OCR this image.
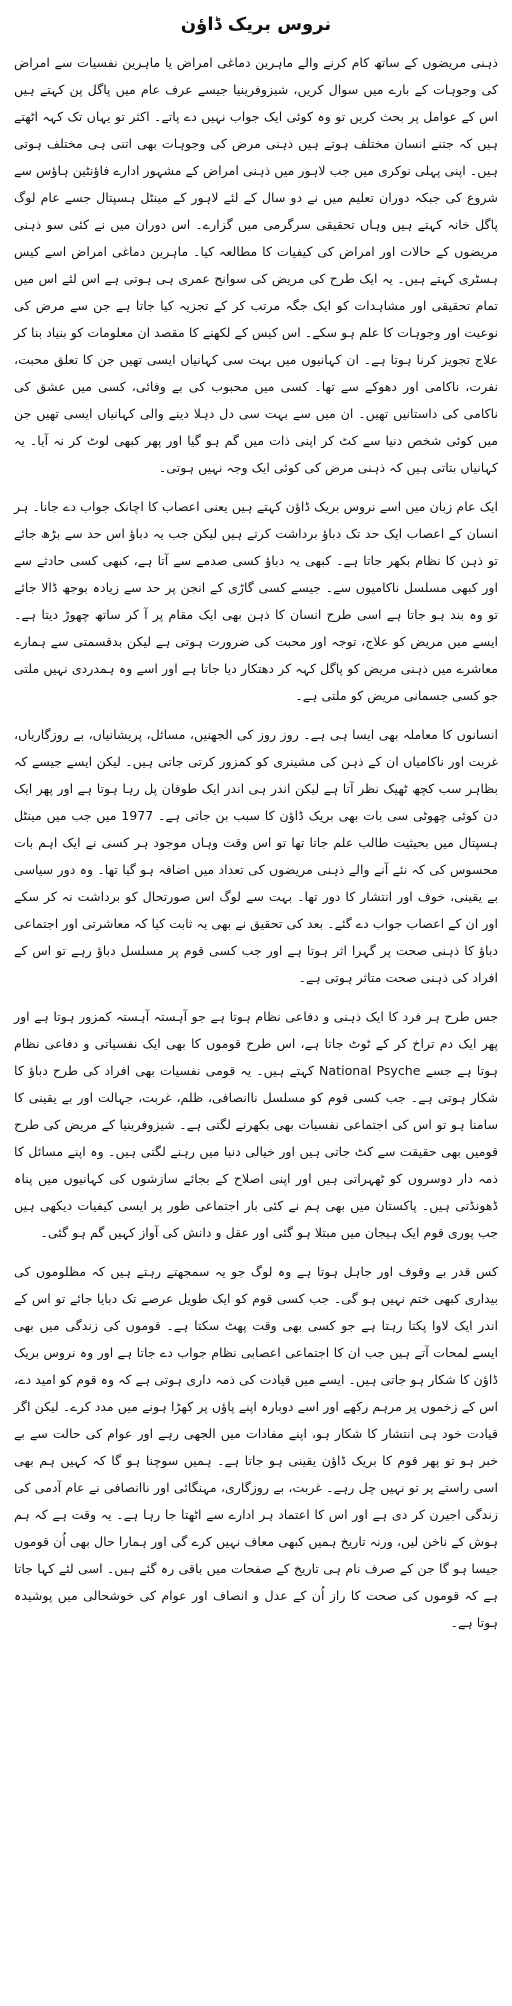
نروس بریک ڈاؤن
ذہنی مریضوں کے ساتھ کام کرنے والے ماہرین دماغی امراض یا ماہرین نفسیات سے امراض کی وجوہات کے بارے میں سوال کریں، شیزوفرینیا جیسے عرف عام میں پاگل پن کہتے ہیں اس کے عوامل پر بحث کریں تو وہ کوئی ایک جواب نہیں دے پاتے۔ اکثر تو یہاں تک کہہ اٹھتے ہیں کہ جتنے انسان مختلف ہوتے ہیں ذہنی مرض کی وجوہات بھی اتنی ہی مختلف ہوتی ہیں۔ اپنی پہلی نوکری میں جب لاہور میں ذہنی امراض کے مشہور ادارے فاؤنٹین ہاؤس سے شروع کی جبکہ دوران تعلیم میں نے دو سال کے لئے لاہور کے مینٹل ہسپتال جسے عام لوگ پاگل خانہ کہتے ہیں وہاں تحقیقی سرگرمی میں گزارے۔ اس دوران میں نے کئی سو ذہنی مریضوں کے حالات اور امراض کی کیفیات کا مطالعہ کیا۔ ماہرین دماغی امراض اسے کیس ہسٹری کہتے ہیں۔ یہ ایک طرح کی مریض کی سوانح عمری ہی ہوتی ہے اس لئے اس میں تمام تحقیقی اور مشاہدات کو ایک جگہ مرتب کر کے تجزیہ کیا جاتا ہے جن سے مرض کی نوعیت اور وجوہات کا علم ہو سکے۔ اس کیس کے لکھنے کا مقصد ان معلومات کو بنیاد بنا کر علاج تجویز کرنا ہوتا ہے۔ ان کہانیوں میں بہت سی کہانیاں ایسی تھیں جن کا تعلق محبت، نفرت، ناکامی اور دھوکے سے تھا۔ کسی میں محبوب کی بے وفائی، کسی میں عشق کی ناکامی کی داستانیں تھیں۔ ان میں سے بہت سی دل دہلا دینے والی کہانیاں ایسی تھیں جن میں کوئی شخص دنیا سے کٹ کر اپنی ذات میں گم ہو گیا اور پھر کبھی لوٹ کر نہ آیا۔ یہ کہانیاں بتاتی ہیں کہ ذہنی مرض کی کوئی ایک وجہ نہیں ہوتی۔
ایک عام زبان میں اسے نروس بریک ڈاؤن کہتے ہیں یعنی اعصاب کا اچانک جواب دے جانا۔ ہر انسان کے اعصاب ایک حد تک دباؤ برداشت کرتے ہیں لیکن جب یہ دباؤ اس حد سے بڑھ جائے تو ذہن کا نظام بکھر جاتا ہے۔ کبھی یہ دباؤ کسی صدمے سے آتا ہے، کبھی کسی حادثے سے اور کبھی مسلسل ناکامیوں سے۔ جیسے کسی گاڑی کے انجن پر حد سے زیادہ بوجھ ڈالا جائے تو وہ بند ہو جاتا ہے اسی طرح انسان کا ذہن بھی ایک مقام پر آ کر ساتھ چھوڑ دیتا ہے۔ ایسے میں مریض کو علاج، توجہ اور محبت کی ضرورت ہوتی ہے لیکن بدقسمتی سے ہمارے معاشرے میں ذہنی مریض کو پاگل کہہ کر دھتکار دیا جاتا ہے اور اسے وہ ہمدردی نہیں ملتی جو کسی جسمانی مریض کو ملتی ہے۔
انسانوں کا معاملہ بھی ایسا ہی ہے۔ روز روز کی الجھنیں، مسائل، پریشانیاں، بے روزگاریاں، غربت اور ناکامیاں ان کے ذہن کی مشینری کو کمزور کرتی جاتی ہیں۔ لیکن ایسے جیسے کہ بظاہر سب کچھ ٹھیک نظر آتا ہے لیکن اندر ہی اندر ایک طوفان پل رہا ہوتا ہے اور پھر ایک دن کوئی چھوٹی سی بات بھی بریک ڈاؤن کا سبب بن جاتی ہے۔ 1977 میں جب میں مینٹل ہسپتال میں بحیثیت طالب علم جاتا تھا تو اس وقت وہاں موجود ہر کسی نے ایک اہم بات محسوس کی کہ نئے آنے والے ذہنی مریضوں کی تعداد میں اضافہ ہو گیا تھا۔ وہ دور سیاسی بے یقینی، خوف اور انتشار کا دور تھا۔ بہت سے لوگ اس صورتحال کو برداشت نہ کر سکے اور ان کے اعصاب جواب دے گئے۔ بعد کی تحقیق نے بھی یہ ثابت کیا کہ معاشرتی اور اجتماعی دباؤ کا ذہنی صحت پر گہرا اثر ہوتا ہے اور جب کسی قوم پر مسلسل دباؤ رہے تو اس کے افراد کی ذہنی صحت متاثر ہوتی ہے۔
جس طرح ہر فرد کا ایک ذہنی و دفاعی نظام ہوتا ہے جو آہستہ آہستہ کمزور ہوتا ہے اور پھر ایک دم تراخ کر کے ٹوٹ جاتا ہے، اس طرح قوموں کا بھی ایک نفسیاتی و دفاعی نظام ہوتا ہے جسے National Psyche کہتے ہیں۔ یہ قومی نفسیات بھی افراد کی طرح دباؤ کا شکار ہوتی ہے۔ جب کسی قوم کو مسلسل ناانصافی، ظلم، غربت، جہالت اور بے یقینی کا سامنا ہو تو اس کی اجتماعی نفسیات بھی بکھرنے لگتی ہے۔ شیزوفرینیا کے مریض کی طرح قومیں بھی حقیقت سے کٹ جاتی ہیں اور خیالی دنیا میں رہنے لگتی ہیں۔ وہ اپنے مسائل کا ذمہ دار دوسروں کو ٹھہراتی ہیں اور اپنی اصلاح کے بجائے سازشوں کی کہانیوں میں پناہ ڈھونڈتی ہیں۔ پاکستان میں بھی ہم نے کئی بار اجتماعی طور پر ایسی کیفیات دیکھی ہیں جب پوری قوم ایک ہیجان میں مبتلا ہو گئی اور عقل و دانش کی آواز کہیں گم ہو گئی۔
کس قدر بے وقوف اور جاہل ہوتا ہے وہ لوگ جو یہ سمجھتے رہتے ہیں کہ مظلوموں کی بیداری کبھی ختم نہیں ہو گی۔ جب کسی قوم کو ایک طویل عرصے تک دبایا جائے تو اس کے اندر ایک لاوا پکتا رہتا ہے جو کسی بھی وقت پھٹ سکتا ہے۔ قوموں کی زندگی میں بھی ایسے لمحات آتے ہیں جب ان کا اجتماعی اعصابی نظام جواب دے جاتا ہے اور وہ نروس بریک ڈاؤن کا شکار ہو جاتی ہیں۔ ایسے میں قیادت کی ذمہ داری ہوتی ہے کہ وہ قوم کو امید دے، اس کے زخموں پر مرہم رکھے اور اسے دوبارہ اپنے پاؤں پر کھڑا ہونے میں مدد کرے۔ لیکن اگر قیادت خود ہی انتشار کا شکار ہو، اپنے مفادات میں الجھی رہے اور عوام کی حالت سے بے خبر ہو تو پھر قوم کا بریک ڈاؤن یقینی ہو جاتا ہے۔ ہمیں سوچنا ہو گا کہ کہیں ہم بھی اسی راستے پر تو نہیں چل رہے۔ غربت، بے روزگاری، مہنگائی اور ناانصافی نے عام آدمی کی زندگی اجیرن کر دی ہے اور اس کا اعتماد ہر ادارے سے اٹھتا جا رہا ہے۔ یہ وقت ہے کہ ہم ہوش کے ناخن لیں، ورنہ تاریخ ہمیں کبھی معاف نہیں کرے گی اور ہمارا حال بھی اُن قوموں جیسا ہو گا جن کے صرف نام ہی تاریخ کے صفحات میں باقی رہ گئے ہیں۔ اسی لئے کہا جاتا ہے کہ قوموں کی صحت کا راز اُن کے عدل و انصاف اور عوام کی خوشحالی میں پوشیدہ ہوتا ہے۔
